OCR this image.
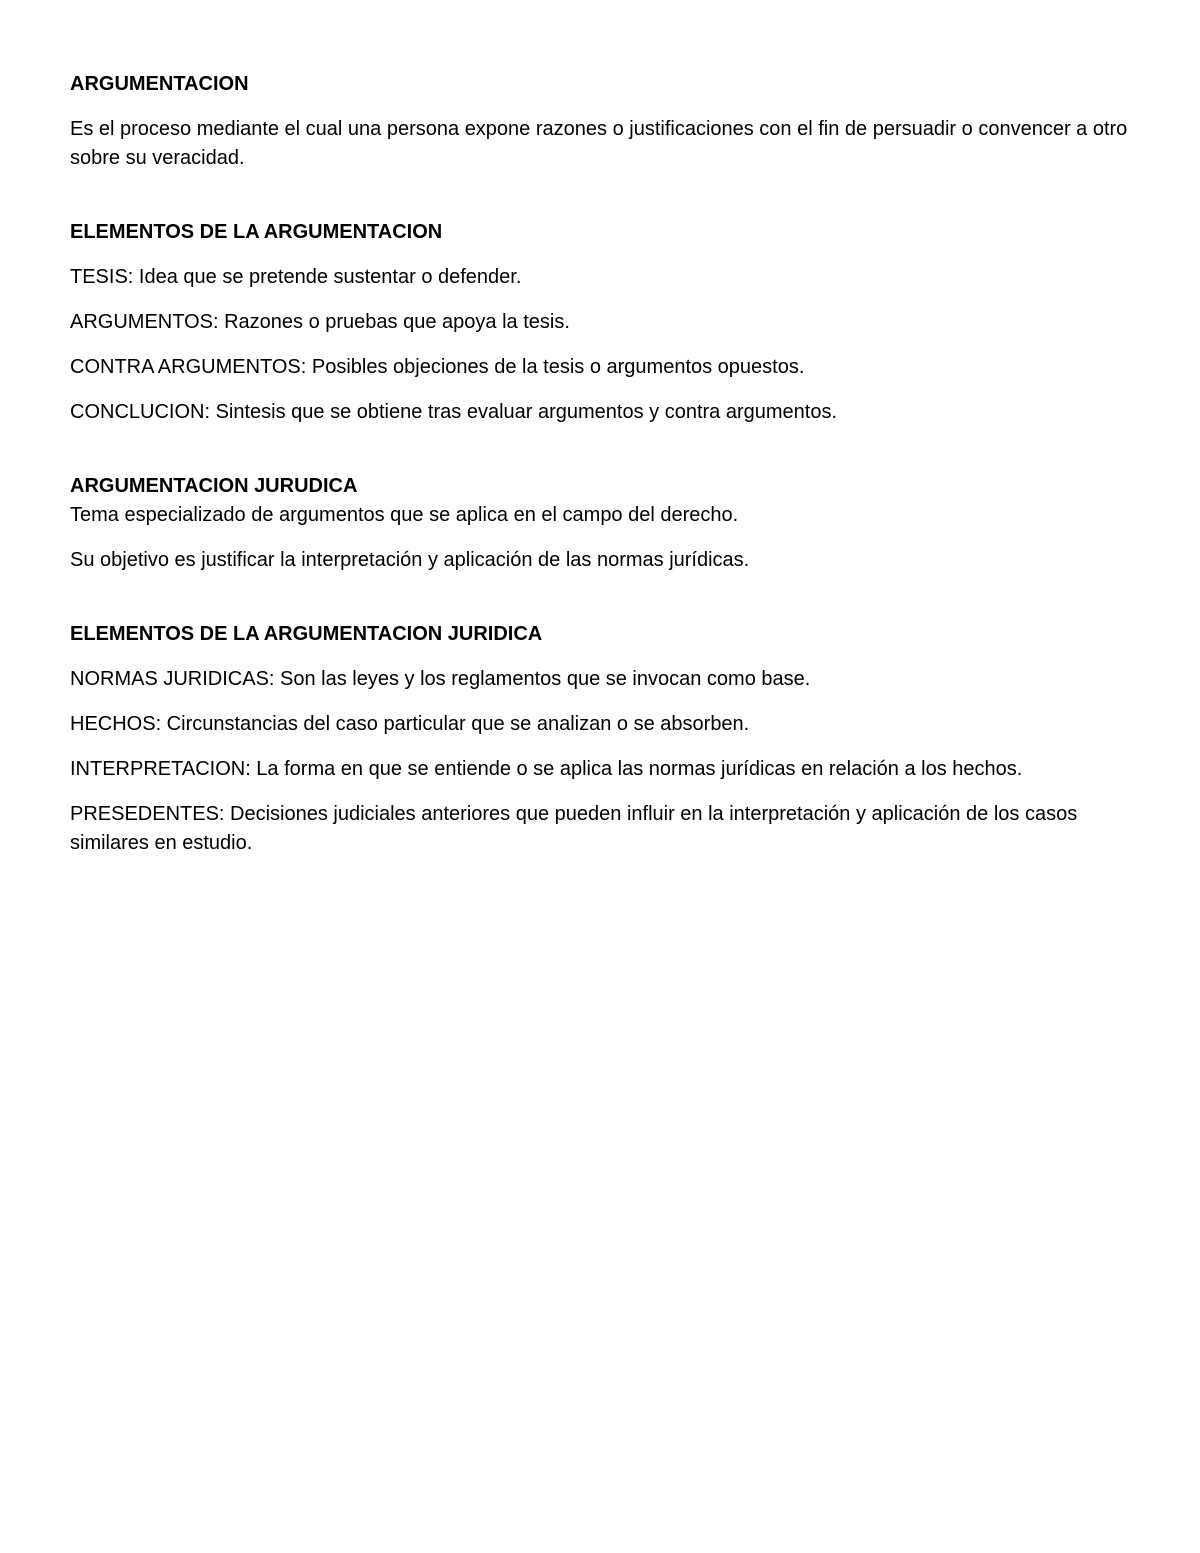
ARGUMENTACION

Es el proceso mediante el cual una persona expone razones o justificaciones con el fin de persuadir o convencer a otro sobre su veracidad.

ELEMENTOS DE LA ARGUMENTACION

TESIS: Idea que se pretende sustentar o defender.

ARGUMENTOS: Razones o pruebas que apoya la tesis.

CONTRA ARGUMENTOS: Posibles objeciones de la tesis o argumentos opuestos.

CONCLUCION: Sintesis que se obtiene tras evaluar argumentos y contra argumentos.

ARGUMENTACION JURUDICA

Tema especializado de argumentos que se aplica en el campo del derecho.

Su objetivo es justificar la interpretación y aplicación de las normas jurídicas.

ELEMENTOS DE LA ARGUMENTACION JURIDICA

NORMAS JURIDICAS: Son las leyes y los reglamentos que se invocan como base.

HECHOS: Circunstancias del caso particular que se analizan o se absorben.

INTERPRETACION: La forma en que se entiende o se aplica las normas jurídicas en relación a los hechos.

PRESEDENTES: Decisiones judiciales anteriores que pueden influir en la interpretación y aplicación de los casos similares en estudio.
